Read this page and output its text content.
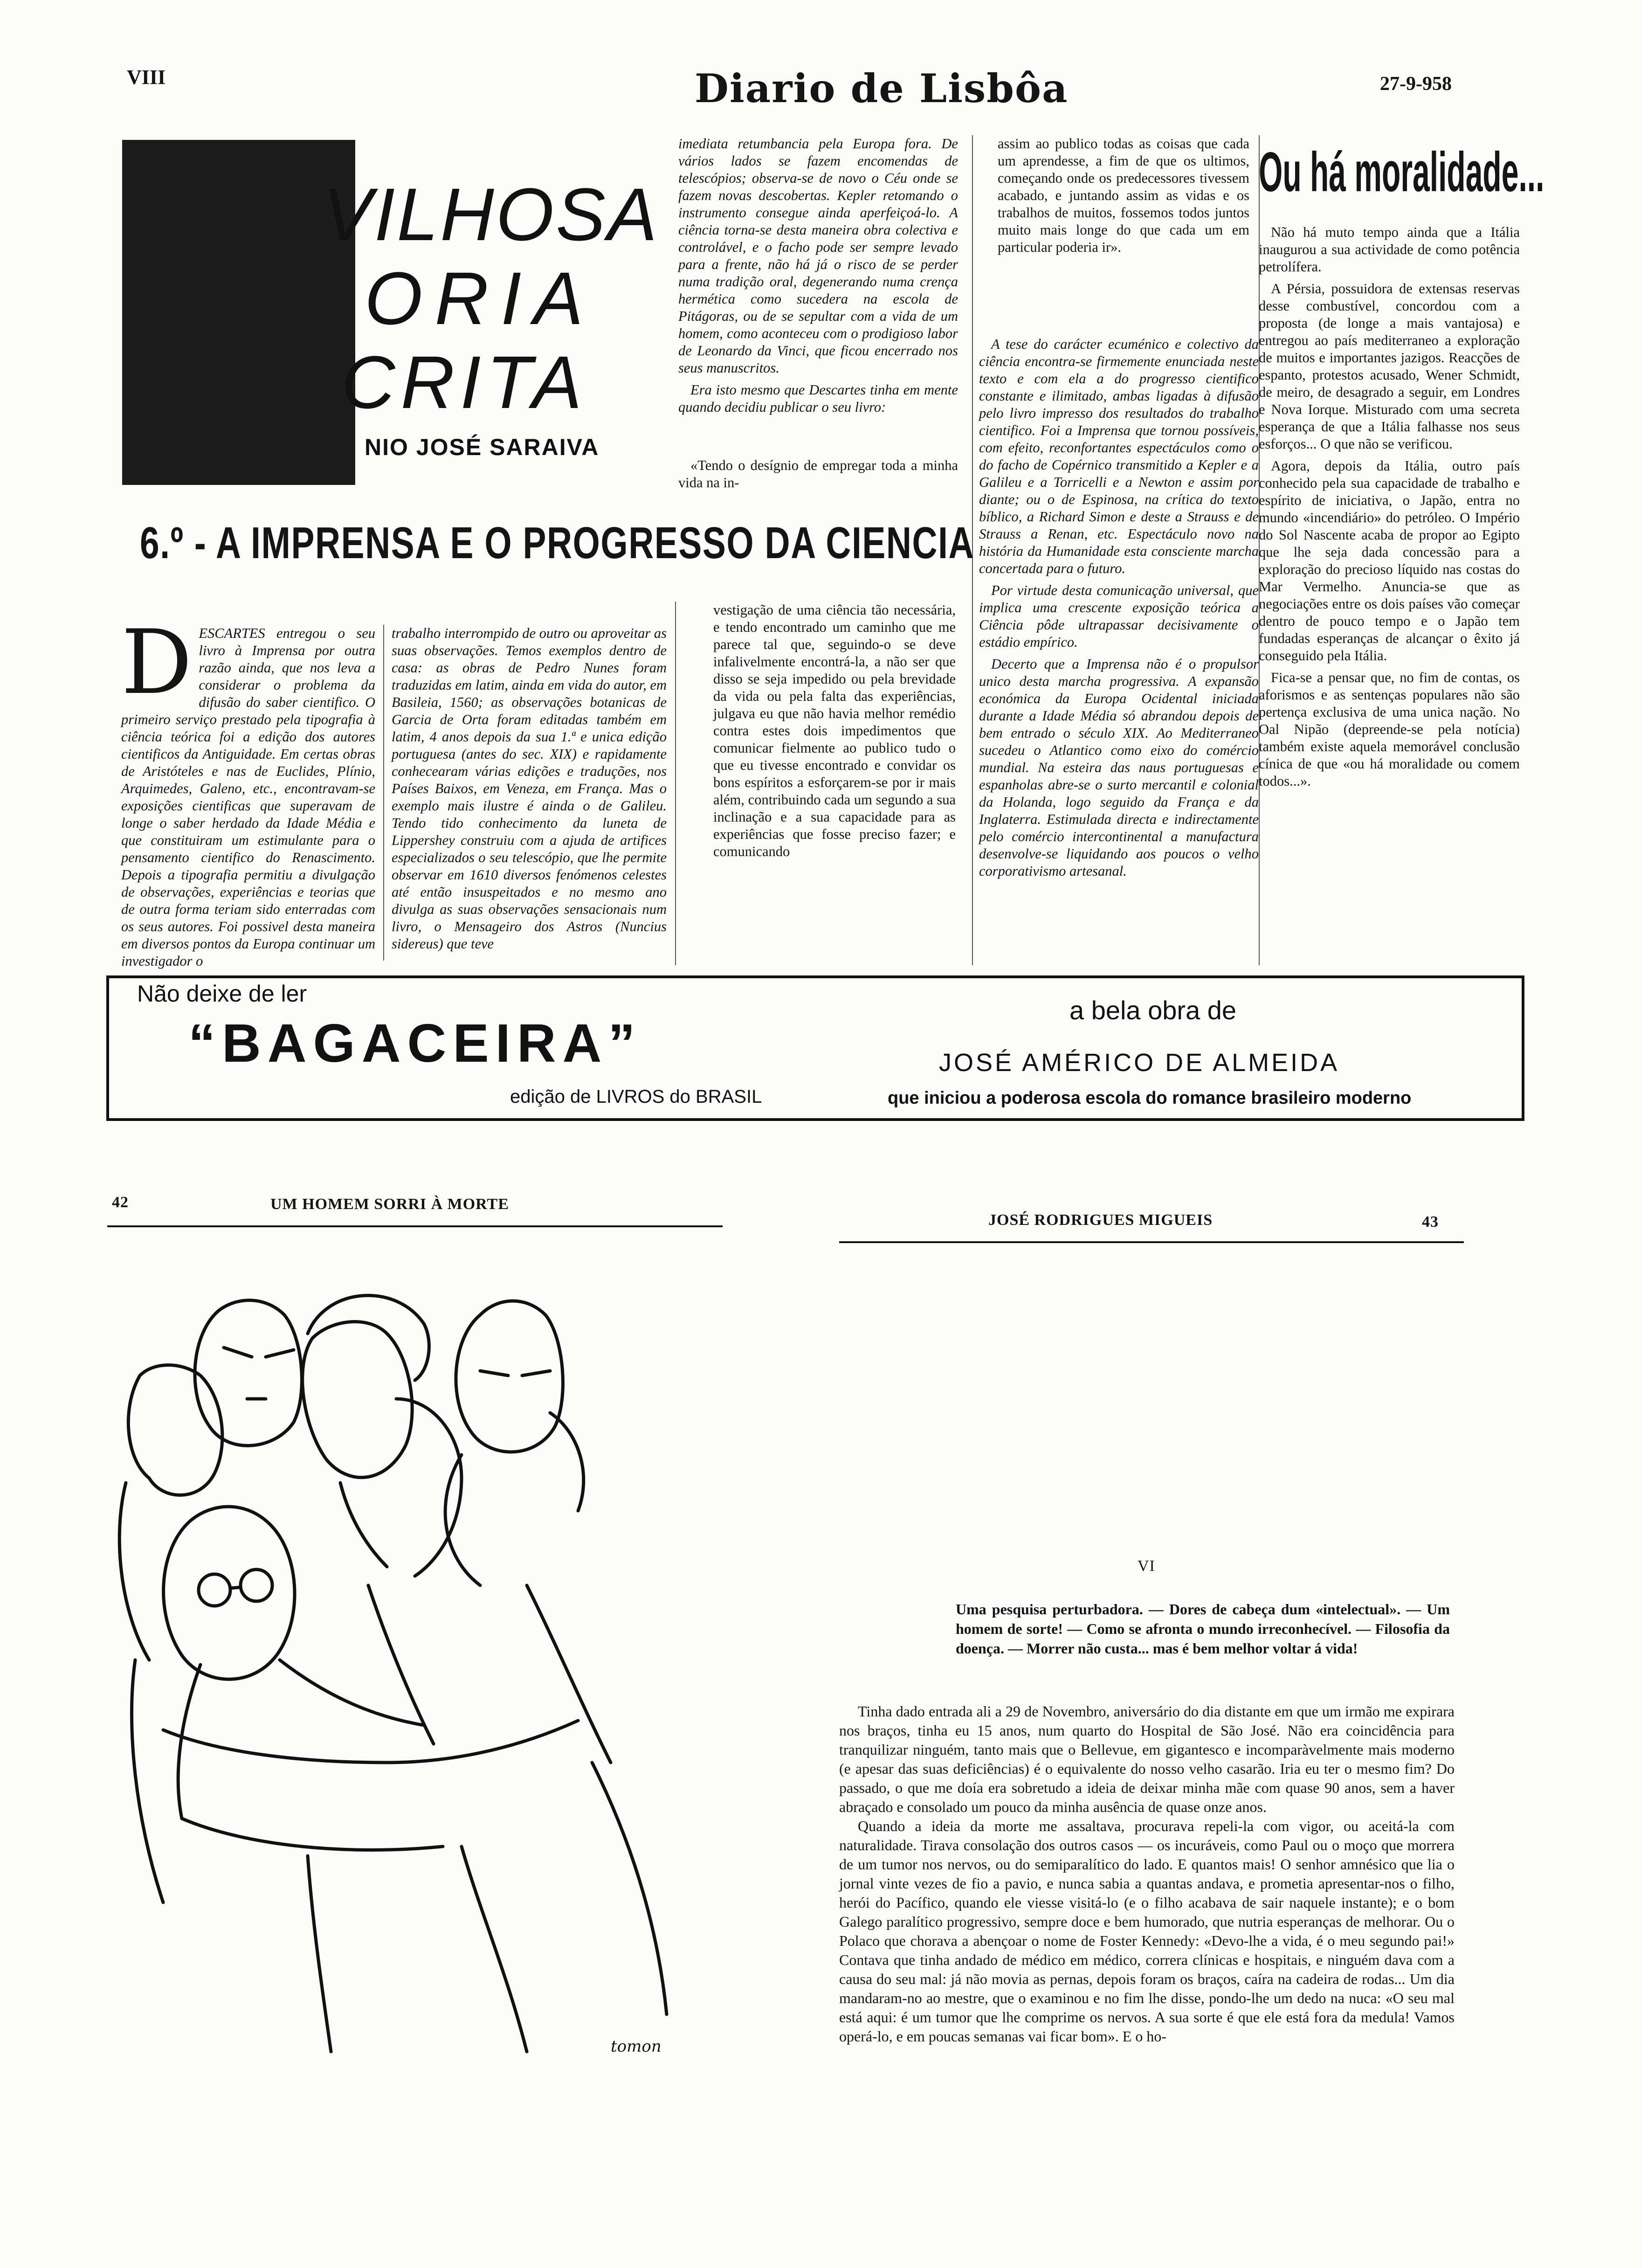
VIII	Diario de Lisbôa	27-9-958
VILHOSA
ORIA
CRITA
NIO JOSÉ SARAIVA

imediata retumbancia pela Europa fora. De vários lados se fazem encomendas de telescópios; observa-se de novo o Céu onde se fazem novas descobertas. Kepler retomando o instrumento consegue ainda aperfeiçoá-lo. A ciência torna-se desta maneira obra colectiva e controlável, e o facho pode ser sempre levado para a frente, não há já o risco de se perder numa tradição oral, degenerando numa crença hermética como sucedera na escola de Pitágoras, ou de se sepultar com a vida de um homem, como aconteceu com o prodigioso labor de Leonardo da Vinci, que ficou encerrado nos seus manuscritos.

Era isto mesmo que Descartes tinha em mente quando decidiu publicar o seu livro:

«Tendo o desígnio de empregar toda a minha vida na in-

assim ao publico todas as coisas que cada um aprendesse, a fim de que os ultimos, começando onde os predecessores tivessem acabado, e juntando assim as vidas e os trabalhos de muitos, fossemos todos juntos muito mais longe do que cada um em particular poderia ir».

A tese do carácter ecuménico e colectivo da ciência encontra-se firmemente enunciada neste texto e com ela a do progresso cientifico constante e ilimitado, ambas ligadas à difusão pelo livro impresso dos resultados do trabalho cientifico. Foi a Imprensa que tornou possíveis, com efeito, reconfortantes espectáculos como o do facho de Copérnico transmitido a Kepler e a Galileu e a Torricelli e a Newton e assim por diante; ou o de Espinosa, na crítica do texto bíblico, a Richard Simon e deste a Strauss e de Strauss a Renan, etc. Espectáculo novo na história da Humanidade esta consciente marcha concertada para o futuro.

Por virtude desta comunicação universal, que implica uma crescente exposição teórica a Ciência pôde ultrapassar decisivamente o estádio empírico.

Decerto que a Imprensa não é o propulsor unico desta marcha progressiva. A expansão económica da Europa Ocidental iniciada durante a Idade Média só abrandou depois de bem entrado o século XIX. Ao Mediterraneo sucedeu o Atlantico como eixo do comércio mundial. Na esteira das naus portuguesas e espanholas abre-se o surto mercantil e colonial da Holanda, logo seguido da França e da Inglaterra. Estimulada directa e indirectamente pelo comércio intercontinental a manufactura desenvolve-se liquidando aos poucos o velho corporativismo artesanal.

6.º - A IMPRENSA E O PROGRESSO DA CIENCIA
D ESCARTES entregou o seu livro à Imprensa por outra razão ainda, que nos leva a considerar o problema da difusão do saber cientifico. O primeiro serviço prestado pela tipografia à ciência teórica foi a edição dos autores cientificos da Antiguidade. Em certas obras de Aristóteles e nas de Euclides, Plínio, Arquimedes, Galeno, etc., encontravam-se exposições cientificas que superavam de longe o saber herdado da Idade Média e que constituiram um estimulante para o pensamento cientifico do Renascimento. Depois a tipografia permitiu a divulgação de observações, experiências e teorias que de outra forma teriam sido enterradas com os seus autores. Foi possivel desta maneira em diversos pontos da Europa continuar um investigador o

trabalho interrompido de outro ou aproveitar as suas observações. Temos exemplos dentro de casa: as obras de Pedro Nunes foram traduzidas em latim, ainda em vida do autor, em Basileia, 1560; as observações botanicas de Garcia de Orta foram editadas também em latim, 4 anos depois da sua 1.ª e unica edição portuguesa (antes do sec. XIX) e rapidamente conhecearam várias edições e traduções, nos Países Baixos, em Veneza, em França. Mas o exemplo mais ilustre é ainda o de Galileu. Tendo tido conhecimento da luneta de Lippershey construiu com a ajuda de artifices especializados o seu telescópio, que lhe permite observar em 1610 diversos fenómenos celestes até então insuspeitados e no mesmo ano divulga as suas observações sensacionais num livro, o Mensageiro dos Astros (Nuncius sidereus) que teve

vestigação de uma ciência tão necessária, e tendo encontrado um caminho que me parece tal que, seguindo-o se deve infalivelmente encontrá-la, a não ser que disso se seja impedido ou pela brevidade da vida ou pela falta das experiências, julgava eu que não havia melhor remédio contra estes dois impedimentos que comunicar fielmente ao publico tudo o que eu tivesse encontrado e convidar os bons espíritos a esforçarem-se por ir mais além, contribuindo cada um segundo a sua inclinação e a sua capacidade para as experiências que fosse preciso fazer; e comunicando

Ou há moralidade...

Não há muto tempo ainda que a Itália inaugurou a sua actividade de como potência petrolífera.

A Pérsia, possuidora de extensas reservas desse combustível, concordou com a proposta (de longe a mais vantajosa) e entregou ao país mediterraneo a exploração de muitos e importantes jazigos. Reacções de espanto, protestos acusado, Wener Schmidt, de meiro, de desagrado a seguir, em Londres e Nova Iorque. Misturado com uma secreta esperança de que a Itália falhasse nos seus esforços... O que não se verificou.

Agora, depois da Itália, outro país conhecido pela sua capacidade de trabalho e espírito de iniciativa, o Japão, entra no mundo «incendiário» do petróleo. O Império do Sol Nascente acaba de propor ao Egipto que lhe seja dada concessão para a exploração do precioso líquido nas costas do Mar Vermelho. Anuncia-se que as negociações entre os dois países vão começar dentro de pouco tempo e o Japão tem fundadas esperanças de alcançar o êxito já conseguido pela Itália.

Fica-se a pensar que, no fim de contas, os aforismos e as sentenças populares não são pertença exclusiva de uma unica nação. No Oal Nipão (depreende-se pela notícia) também existe aquela memorável conclusão cínica de que «ou há moralidade ou comem todos...».

Não deixe de ler
“BAGACEIRA”
edição de LIVROS do BRASIL
a bela obra de
JOSÉ AMÉRICO DE ALMEIDA
que iniciou a poderosa escola do romance brasileiro moderno
42	UM HOMEM SORRI À MORTE
JOSÉ RODRIGUES MIGUEIS	43
tomon
VI
Uma pesquisa perturbadora. — Dores de cabeça dum «intelectual». — Um homem de sorte! — Como se afronta o mundo irreconhecível. — Filosofia da doença. — Morrer não custa... mas é bem melhor voltar á vida!

Tinha dado entrada ali a 29 de Novembro, aniversário do dia distante em que um irmão me expirara nos braços, tinha eu 15 anos, num quarto do Hospital de São José. Não era coincidência para tranquilizar ninguém, tanto mais que o Bellevue, em gigantesco e incomparàvelmente mais moderno (e apesar das suas deficiências) é o equivalente do nosso velho casarão. Iria eu ter o mesmo fim? Do passado, o que me doía era sobretudo a ideia de deixar minha mãe com quase 90 anos, sem a haver abraçado e consolado um pouco da minha ausência de quase onze anos.

Quando a ideia da morte me assaltava, procurava repeli-la com vigor, ou aceitá-la com naturalidade. Tirava consolação dos outros casos — os incuráveis, como Paul ou o moço que morrera de um tumor nos nervos, ou do semiparalítico do lado. E quantos mais! O senhor amnésico que lia o jornal vinte vezes de fio a pavio, e nunca sabia a quantas andava, e prometia apresentar-nos o filho, herói do Pacífico, quando ele viesse visitá-lo (e o filho acabava de sair naquele instante); e o bom Galego paralítico progressivo, sempre doce e bem humorado, que nutria esperanças de melhorar. Ou o Polaco que chorava a abençoar o nome de Foster Kennedy: «Devo-lhe a vida, é o meu segundo pai!» Contava que tinha andado de médico em médico, correra clínicas e hospitais, e ninguém dava com a causa do seu mal: já não movia as pernas, depois foram os braços, caíra na cadeira de rodas... Um dia mandaram-no ao mestre, que o examinou e no fim lhe disse, pondo-lhe um dedo na nuca: «O seu mal está aqui: é um tumor que lhe comprime os nervos. A sua sorte é que ele está fora da medula! Vamos operá-lo, e em poucas semanas vai ficar bom». E o ho-
